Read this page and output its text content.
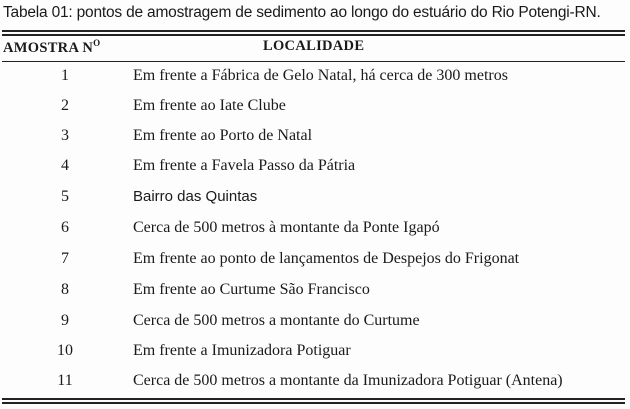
Tabela 01: pontos de amostragem de sedimento ao longo do estuário do Rio Potengi-RN.
AMOSTRA $N^O$	LOCALIDADE
1	Em frente a Fábrica de Gelo Natal, há cerca de 300 metros
2	Em frente ao Iate Clube
3	Em frente ao Porto de Natal
4	Em frente a Favela Passo da Pátria
5	Bairro das Quintas
6	Cerca de 500 metros à montante da Ponte Igapó
7	Em frente ao ponto de lançamentos de Despejos do Frigonat
8	Em frente ao Curtume São Francisco
9	Cerca de 500 metros a montante do Curtume
10	Em frente a Imunizadora Potiguar
11	Cerca de 500 metros a montante da Imunizadora Potiguar (Antena)
